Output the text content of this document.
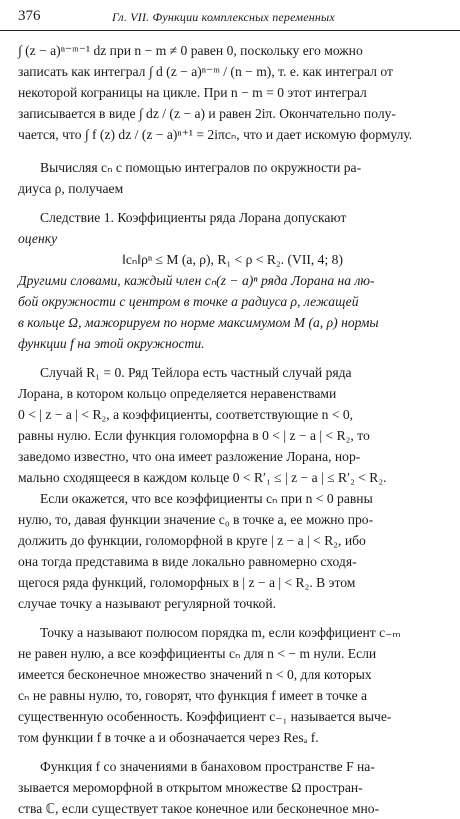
376	Гл. VII. Функции комплексных переменных
∫ (z − a)ⁿ⁻ᵐ⁻¹ dz при n − m ≠ 0 равен 0, поскольку его можно
записать как интеграл ∫ d (z − a)ⁿ⁻ᵐ / (n − m), т. е. как интеграл от
некоторой кограницы на цикле. При n − m = 0 этот интеграл
записывается в виде ∫ dz / (z − a) и равен 2iπ. Окончательно полу-
чается, что ∫ f (z) dz / (z − a)ⁿ⁺¹ = 2iπcₙ, что и дает искомую формулу.
Вычисляя cₙ с помощью интегралов по окружности ра-
диуса ρ, получаем
Следствие 1. Коэффициенты ряда Лорана допускают
оценку
‖cₙ‖ρⁿ ≤ M (a, ρ), R₁ < ρ < R₂. (VII, 4; 8)
Другими словами, каждый член cₙ(z − a)ⁿ ряда Лорана на лю-
бой окружности с центром в точке a радиуса ρ, лежащей
в кольце Ω, мажорируем по норме максимумом M (a, ρ) нормы
функции f на этой окружности.
Случай R₁ = 0. Ряд Тейлора есть частный случай ряда
Лорана, в котором кольцо определяется неравенствами
0 < | z − a | < R₂, а коэффициенты, соответствующие n < 0,
равны нулю. Если функция голоморфна в 0 < | z − a | < R₂, то
заведомо известно, что она имеет разложение Лорана, нор-
мально сходящееся в каждом кольце 0 < R′₁ ≤ | z − a | ≤ R′₂ < R₂.
Если окажется, что все коэффициенты cₙ при n < 0 равны
нулю, то, давая функции значение c₀ в точке a, ее можно про-
должить до функции, голоморфной в круге | z − a | < R₂, ибо
она тогда представима в виде локально равномерно сходя-
щегося ряда функций, голоморфных в | z − a | < R₂. В этом
случае точку a называют регулярной точкой.
Точку a называют полюсом порядка m, если коэффициент c₋ₘ
не равен нулю, а все коэффициенты cₙ для n < − m нули. Если
имеется бесконечное множество значений n < 0, для которых
cₙ не равны нулю, то, говорят, что функция f имеет в точке a
существенную особенность. Коэффициент c₋₁ называется выче-
том функции f в точке a и обозначается через Resₐ f.
Функция f со значениями в банаховом пространстве F на-
зывается мероморфной в открытом множестве Ω простран-
ства ℂ, если существует такое конечное или бесконечное мно-
